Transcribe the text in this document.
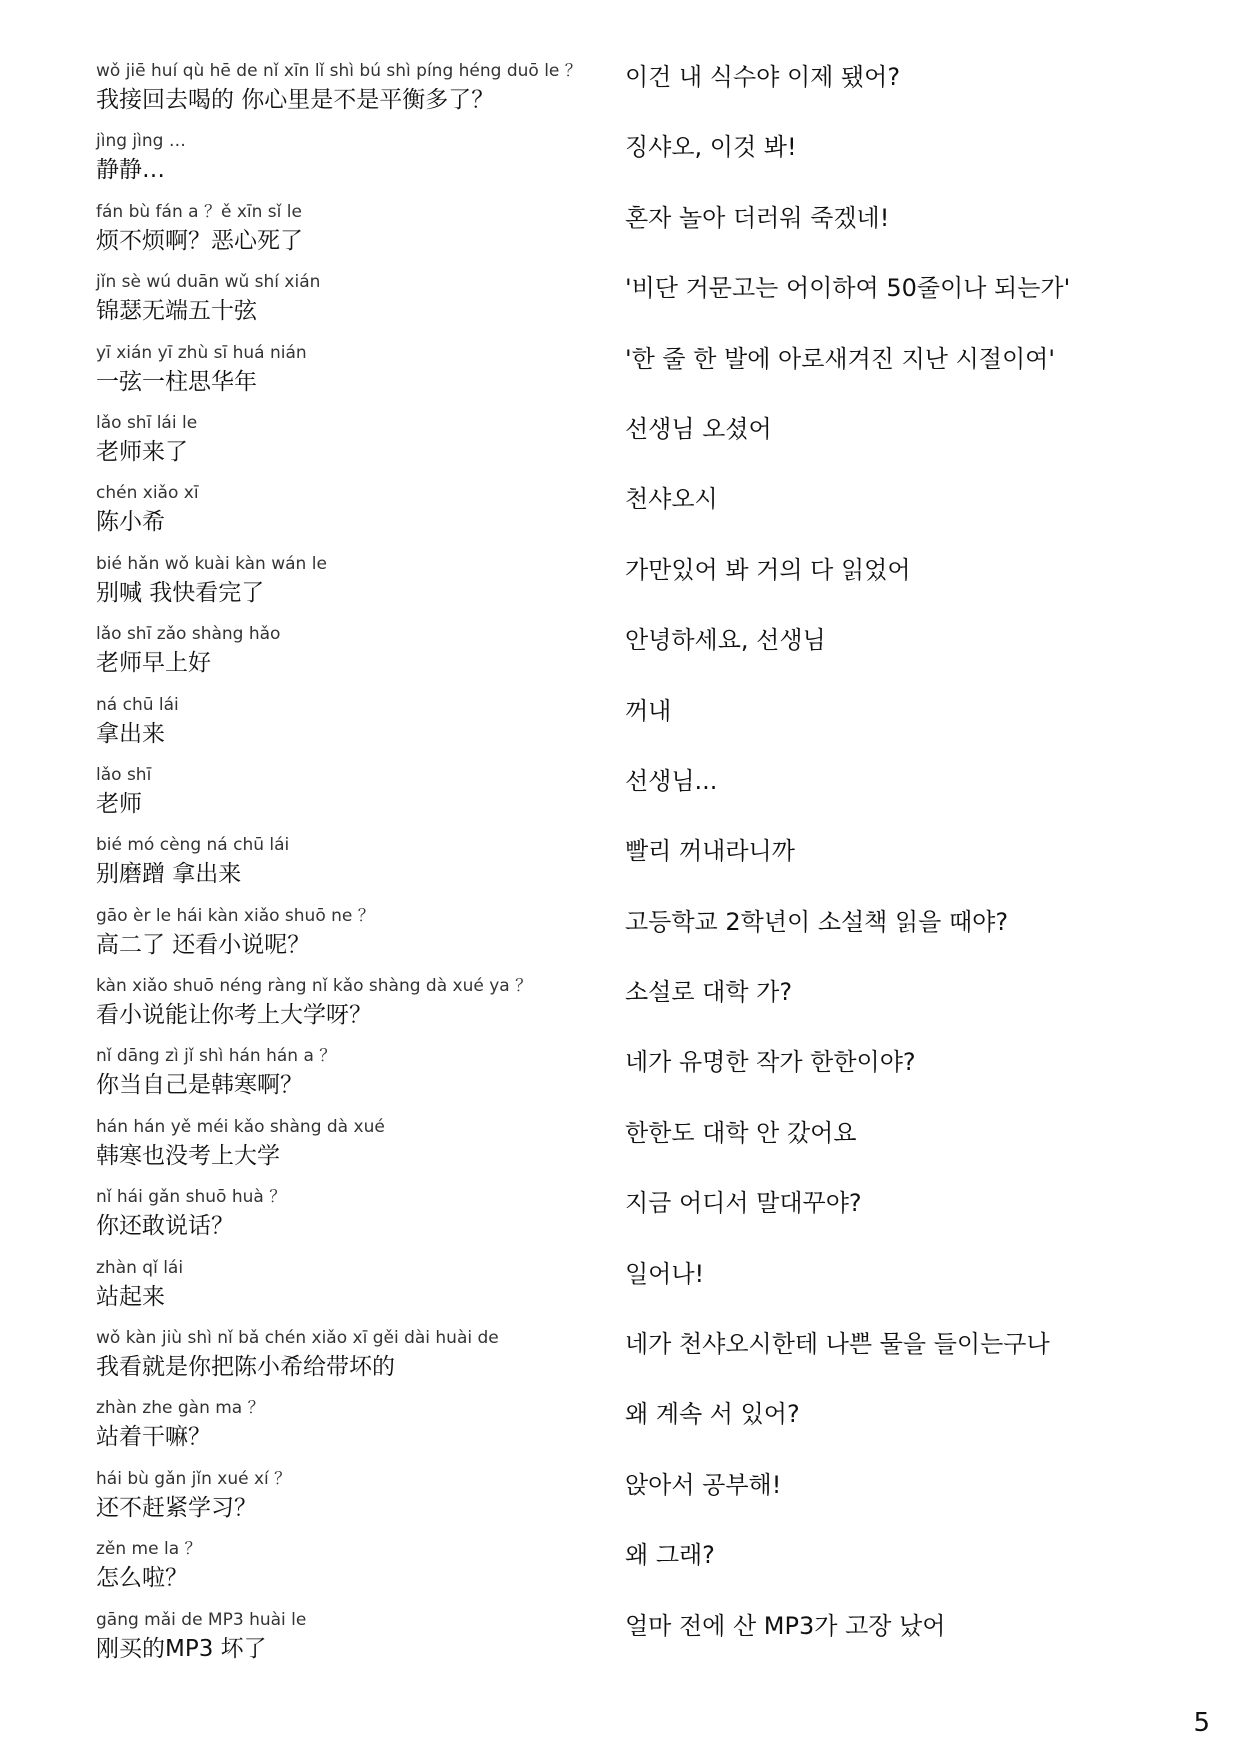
wǒ jiē huí qù hē de nǐ xīn lǐ shì bú shì píng héng duō le ？
我接回去喝的 你心里是不是平衡多了？
이건 내 식수야 이제 됐어?
jìng jìng …
静静…
징샤오, 이것 봐!
fán bù fán a ？ě xīn sǐ le
烦不烦啊？恶心死了
혼자 놀아 더러워 죽겠네!
jǐn sè wú duān wǔ shí xián
锦瑟无端五十弦
'비단 거문고는 어이하여 50줄이나 되는가'
yī xián yī zhù sī huá nián
一弦一柱思华年
'한 줄 한 발에 아로새겨진 지난 시절이여'
lǎo shī lái le
老师来了
선생님 오셨어
chén xiǎo xī
陈小希
천샤오시
bié hǎn wǒ kuài kàn wán le
别喊 我快看完了
가만있어 봐 거의 다 읽었어
lǎo shī zǎo shàng hǎo
老师早上好
안녕하세요, 선생님
ná chū lái
拿出来
꺼내
lǎo shī
老师
선생님...
bié mó cèng ná chū lái
别磨蹭 拿出来
빨리 꺼내라니까
gāo èr le hái kàn xiǎo shuō ne ？
高二了 还看小说呢？
고등학교 2학년이 소설책 읽을 때야?
kàn xiǎo shuō néng ràng nǐ kǎo shàng dà xué ya ？
看小说能让你考上大学呀？
소설로 대학 가?
nǐ dāng zì jǐ shì hán hán a ？
你当自己是韩寒啊？
네가 유명한 작가 한한이야?
hán hán yě méi kǎo shàng dà xué
韩寒也没考上大学
한한도 대학 안 갔어요
nǐ hái gǎn shuō huà ？
你还敢说话？
지금 어디서 말대꾸야?
zhàn qǐ lái
站起来
일어나!
wǒ kàn jiù shì nǐ bǎ chén xiǎo xī gěi dài huài de
我看就是你把陈小希给带坏的
네가 천샤오시한테 나쁜 물을 들이는구나
zhàn zhe gàn ma ？
站着干嘛？
왜 계속 서 있어?
hái bù gǎn jǐn xué xí ？
还不赶紧学习？
앉아서 공부해!
zěn me la ？
怎么啦？
왜 그래?
gāng mǎi de MP3 huài le
刚买的MP3 坏了
얼마 전에 산 MP3가 고장 났어
5
